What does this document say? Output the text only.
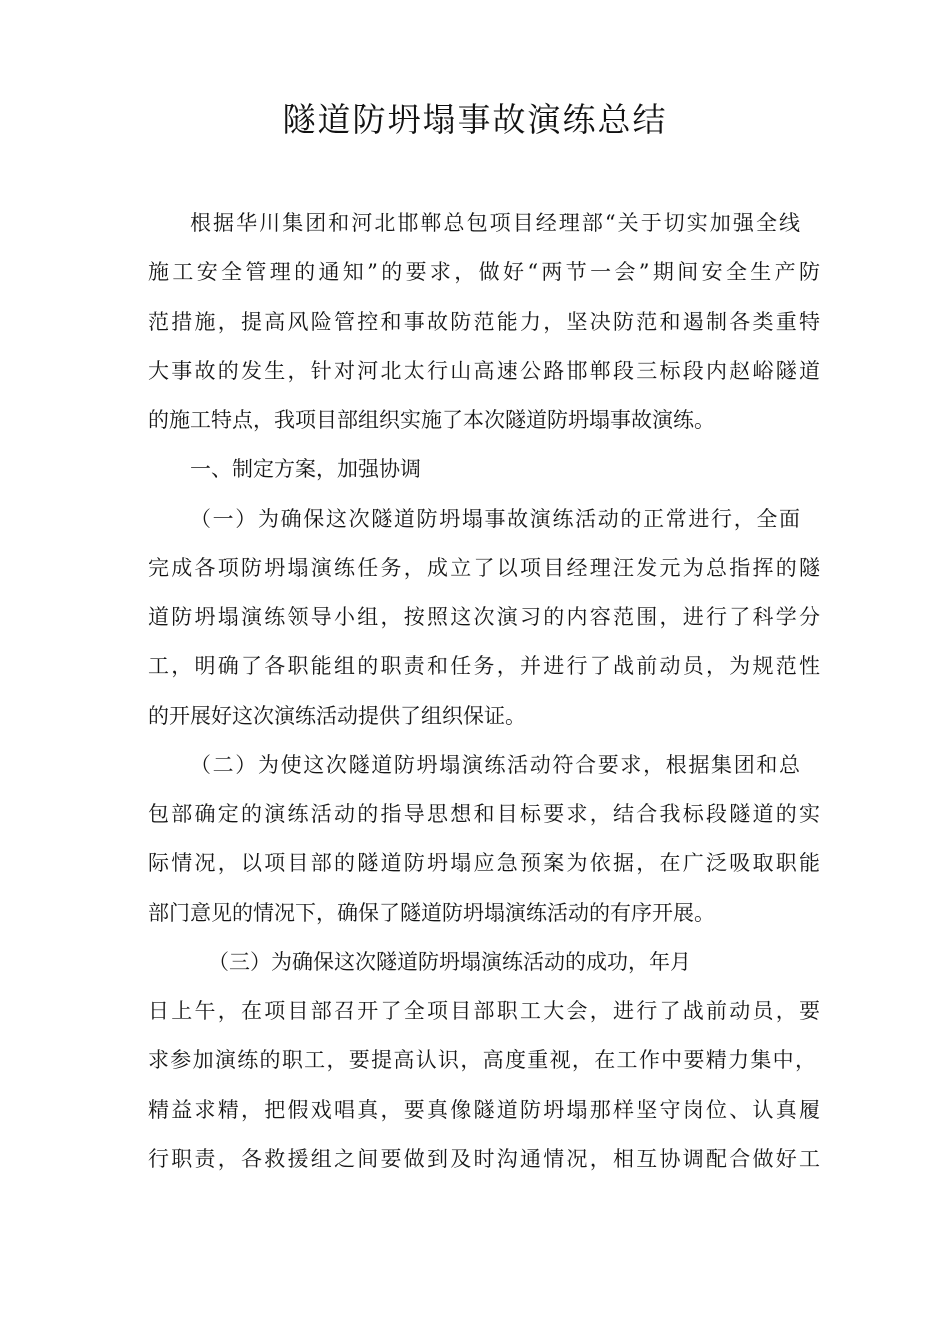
隧道防坍塌事故演练总结

根据华川集团和河北邯郸总包项目经理部“关于切实加强全线

施工安全管理的通知”的要求，做好“两节一会”期间安全生产防

范措施，提高风险管控和事故防范能力，坚决防范和遏制各类重特

大事故的发生，针对河北太行山高速公路邯郸段三标段内赵峪隧道

的施工特点，我项目部组织实施了本次隧道防坍塌事故演练。

一、制定方案，加强协调

（一）为确保这次隧道防坍塌事故演练活动的正常进行，全面

完成各项防坍塌演练任务，成立了以项目经理汪发元为总指挥的隧

道防坍塌演练领导小组，按照这次演习的内容范围，进行了科学分

工，明确了各职能组的职责和任务，并进行了战前动员，为规范性

的开展好这次演练活动提供了组织保证。

（二）为使这次隧道防坍塌演练活动符合要求，根据集团和总

包部确定的演练活动的指导思想和目标要求，结合我标段隧道的实

际情况，以项目部的隧道防坍塌应急预案为依据，在广泛吸取职能

部门意见的情况下，确保了隧道防坍塌演练活动的有序开展。

（三）为确保这次隧道防坍塌演练活动的成功，年月

日上午，在项目部召开了全项目部职工大会，进行了战前动员，要

求参加演练的职工，要提高认识，高度重视，在工作中要精力集中，

精益求精，把假戏唱真，要真像隧道防坍塌那样坚守岗位、认真履

行职责，各救援组之间要做到及时沟通情况，相互协调配合做好工
